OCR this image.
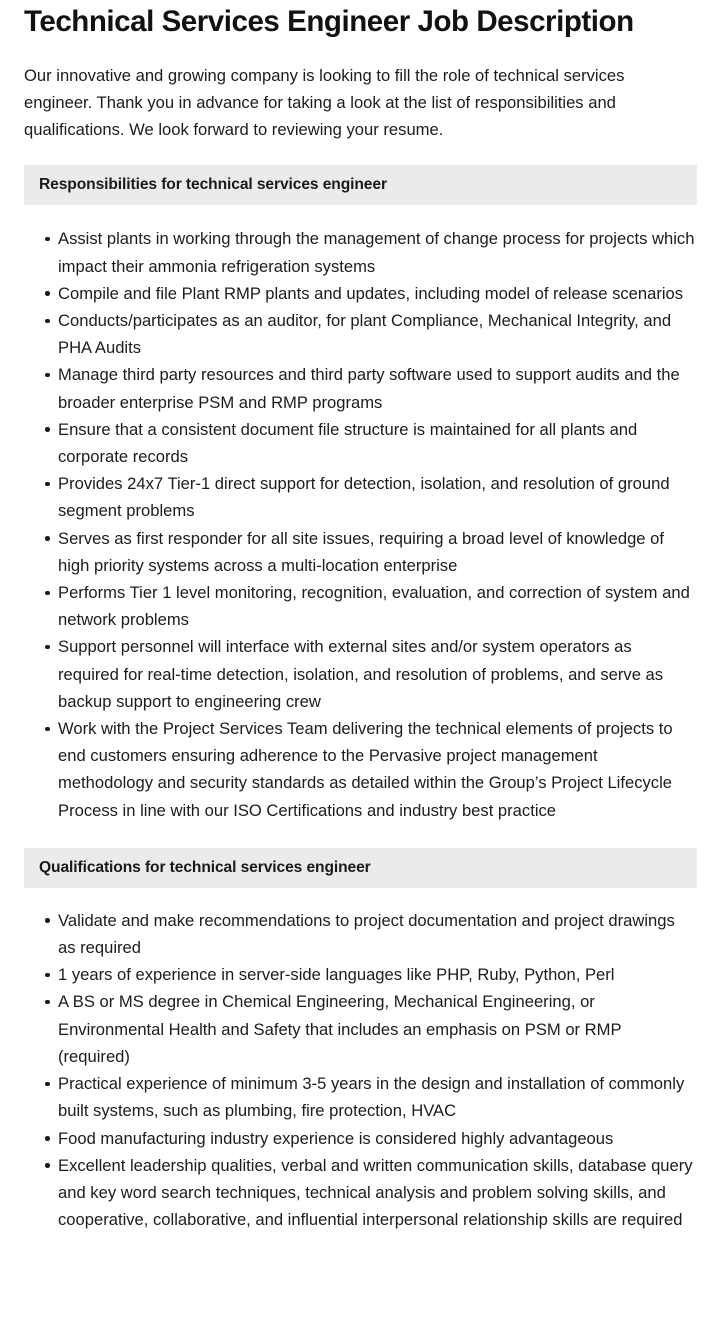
Technical Services Engineer Job Description

Our innovative and growing company is looking to fill the role of technical services engineer. Thank you in advance for taking a look at the list of responsibilities and qualifications. We look forward to reviewing your resume.

Responsibilities for technical services engineer
Assist plants in working through the management of change process for projects which impact their ammonia refrigeration systems
Compile and file Plant RMP plants and updates, including model of release scenarios
Conducts/participates as an auditor, for plant Compliance, Mechanical Integrity, and PHA Audits
Manage third party resources and third party software used to support audits and the broader enterprise PSM and RMP programs
Ensure that a consistent document file structure is maintained for all plants and corporate records
Provides 24x7 Tier-1 direct support for detection, isolation, and resolution of ground segment problems
Serves as first responder for all site issues, requiring a broad level of knowledge of high priority systems across a multi-location enterprise
Performs Tier 1 level monitoring, recognition, evaluation, and correction of system and network problems
Support personnel will interface with external sites and/or system operators as required for real-time detection, isolation, and resolution of problems, and serve as backup support to engineering crew
Work with the Project Services Team delivering the technical elements of projects to end customers ensuring adherence to the Pervasive project management methodology and security standards as detailed within the Group’s Project Lifecycle Process in line with our ISO Certifications and industry best practice
Qualifications for technical services engineer
Validate and make recommendations to project documentation and project drawings as required
1 years of experience in server-side languages like PHP, Ruby, Python, Perl
A BS or MS degree in Chemical Engineering, Mechanical Engineering, or Environmental Health and Safety that includes an emphasis on PSM or RMP (required)
Practical experience of minimum 3-5 years in the design and installation of commonly built systems, such as plumbing, fire protection, HVAC
Food manufacturing industry experience is considered highly advantageous
Excellent leadership qualities, verbal and written communication skills, database query and key word search techniques, technical analysis and problem solving skills, and cooperative, collaborative, and influential interpersonal relationship skills are required
